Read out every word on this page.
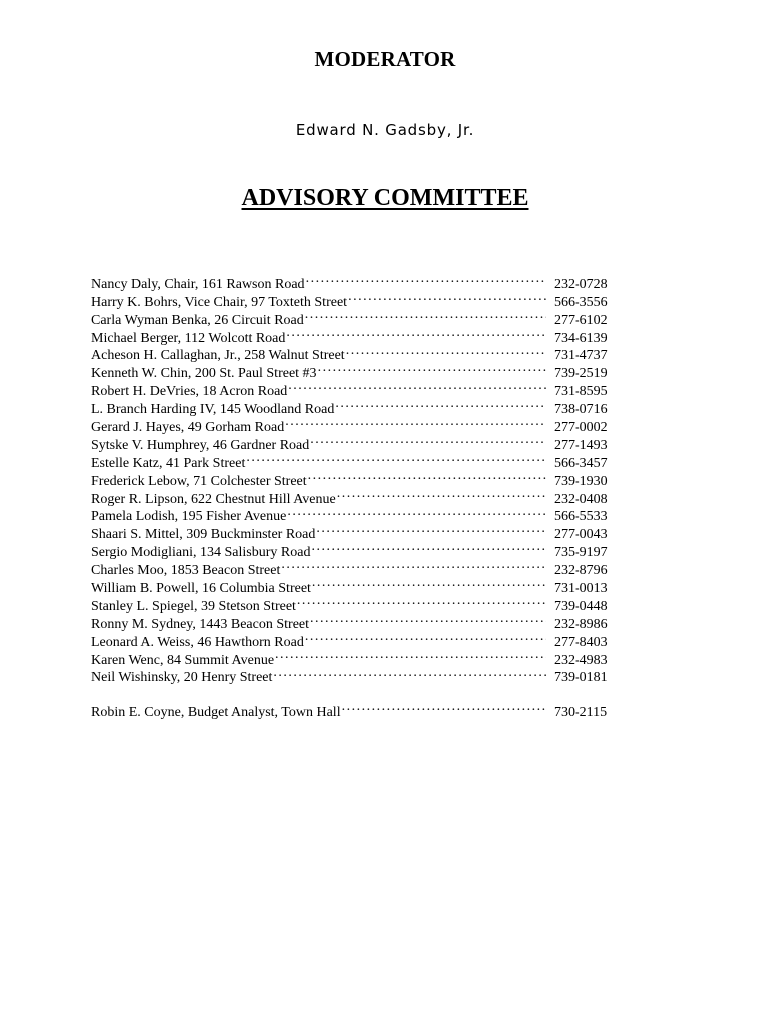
MODERATOR
Edward N. Gadsby, Jr.
ADVISORY COMMITTEE
Nancy Daly, Chair, 161 Rawson Road .....	232-0728
Harry K. Bohrs, Vice Chair, 97 Toxteth Street .....	566-3556
Carla Wyman Benka, 26 Circuit Road .....	277-6102
Michael Berger, 112 Wolcott Road .....	734-6139
Acheson H. Callaghan, Jr., 258 Walnut Street .....	731-4737
Kenneth W. Chin, 200 St. Paul Street #3 .....	739-2519
Robert H. DeVries, 18 Acron Road .....	731-8595
L. Branch Harding IV, 145 Woodland Road .....	738-0716
Gerard J. Hayes, 49 Gorham Road .....	277-0002
Sytske V. Humphrey, 46 Gardner Road .....	277-1493
Estelle Katz, 41 Park Street .....	566-3457
Frederick Lebow, 71 Colchester Street .....	739-1930
Roger R. Lipson, 622 Chestnut Hill Avenue .....	232-0408
Pamela Lodish, 195 Fisher Avenue .....	566-5533
Shaari S. Mittel, 309 Buckminster Road .....	277-0043
Sergio Modigliani, 134 Salisbury Road .....	735-9197
Charles Moo, 1853 Beacon Street .....	232-8796
William B. Powell, 16 Columbia Street .....	731-0013
Stanley L. Spiegel, 39 Stetson Street .....	739-0448
Ronny M. Sydney, 1443 Beacon Street .....	232-8986
Leonard A. Weiss, 46 Hawthorn Road .....	277-8403
Karen Wenc, 84 Summit Avenue .....	232-4983
Neil Wishinsky, 20 Henry Street .....	739-0181
Robin E. Coyne, Budget Analyst, Town Hall .....	730-2115
